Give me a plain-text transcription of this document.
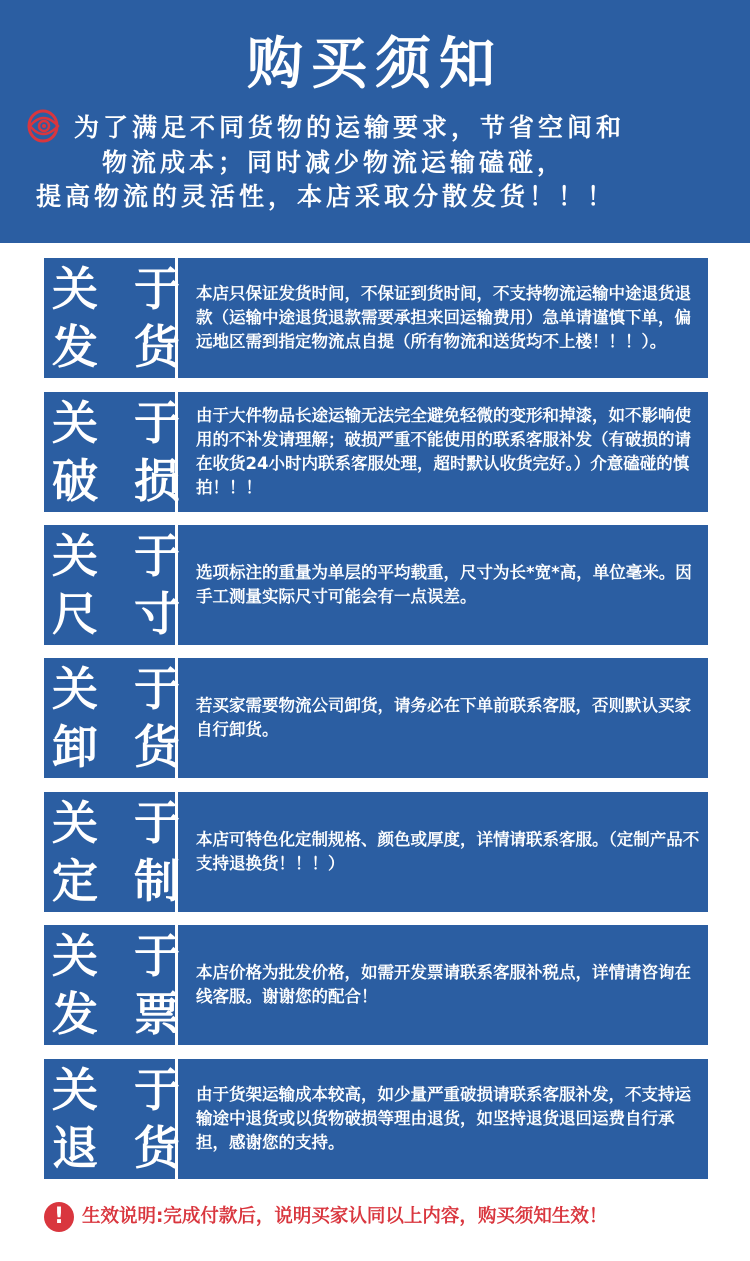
购买须知
为了满足不同货物的运输要求，节省空间和
物流成本；同时减少物流运输磕碰，
提高物流的灵活性，本店采取分散发货！！！
关 于
发 货
本店只保证发货时间，不保证到货时间，不支持物流运输中途退货退款（运输中途退货退款需要承担来回运输费用）急单请谨慎下单，偏远地区需到指定物流点自提（所有物流和送货均不上楼！！！）。
关 于
破 损
由于大件物品长途运输无法完全避免轻微的变形和掉漆，如不影响使用的不补发请理解；破损严重不能使用的联系客服补发（有破损的请在收货24小时内联系客服处理，超时默认收货完好。）介意磕碰的慎拍！！！
关 于
尺 寸
选项标注的重量为单层的平均载重，尺寸为长*宽*高，单位毫米。因手工测量实际尺寸可能会有一点误差。
关 于
卸 货
若买家需要物流公司卸货，请务必在下单前联系客服，否则默认买家自行卸货。
关 于
定 制
本店可特色化定制规格、颜色或厚度，详情请联系客服。（定制产品不支持退换货！！！）
关 于
发 票
本店价格为批发价格，如需开发票请联系客服补税点，详情请咨询在线客服。谢谢您的配合！
关 于
退 货
由于货架运输成本较高，如少量严重破损请联系客服补发，不支持运输途中退货或以货物破损等理由退货，如坚持退货退回运费自行承担，感谢您的支持。
! 生效说明:完成付款后，说明买家认同以上内容，购买须知生效！
